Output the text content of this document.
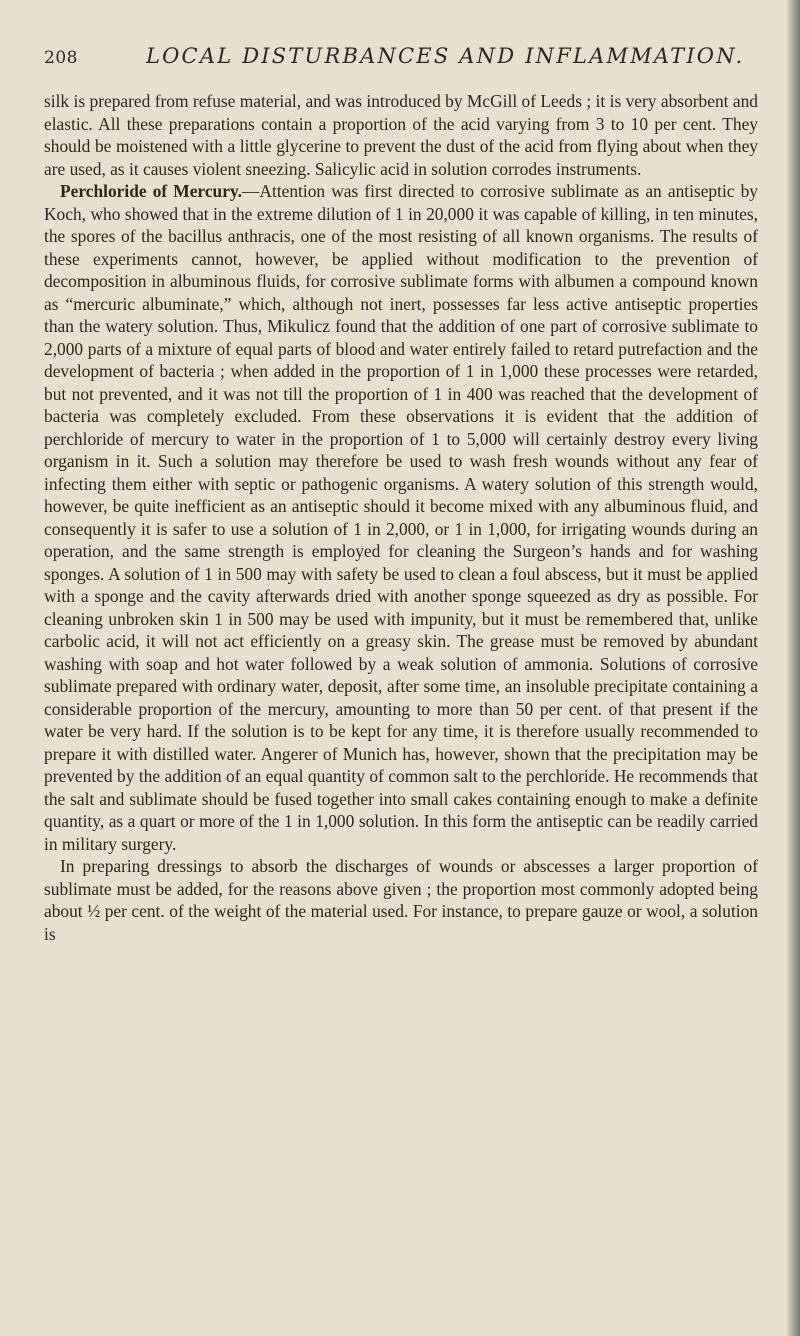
208	LOCAL DISTURBANCES AND INFLAMMATION.

silk is prepared from refuse material, and was introduced by McGill of Leeds ; it is very absorbent and elastic. All these preparations contain a proportion of the acid varying from 3 to 10 per cent. They should be moistened with a little glycerine to prevent the dust of the acid from flying about when they are used, as it causes violent sneezing. Salicylic acid in solution corrodes instruments.

Perchloride of Mercury.—Attention was first directed to corrosive sublimate as an antiseptic by Koch, who showed that in the extreme dilution of 1 in 20,000 it was capable of killing, in ten minutes, the spores of the bacillus anthracis, one of the most resisting of all known organisms. The results of these experiments cannot, however, be applied without modification to the prevention of decomposition in albuminous fluids, for corrosive sublimate forms with albumen a compound known as “mercuric albuminate,” which, although not inert, possesses far less active antiseptic properties than the watery solution. Thus, Mikulicz found that the addition of one part of corrosive sublimate to 2,000 parts of a mixture of equal parts of blood and water entirely failed to retard putrefaction and the development of bacteria ; when added in the proportion of 1 in 1,000 these processes were retarded, but not prevented, and it was not till the proportion of 1 in 400 was reached that the development of bacteria was completely excluded. From these observations it is evident that the addition of perchloride of mercury to water in the proportion of 1 to 5,000 will certainly destroy every living organism in it. Such a solution may therefore be used to wash fresh wounds without any fear of infecting them either with septic or pathogenic organisms. A watery solution of this strength would, however, be quite inefficient as an antiseptic should it become mixed with any albuminous fluid, and consequently it is safer to use a solution of 1 in 2,000, or 1 in 1,000, for irrigating wounds during an operation, and the same strength is employed for cleaning the Surgeon’s hands and for washing sponges. A solution of 1 in 500 may with safety be used to clean a foul abscess, but it must be applied with a sponge and the cavity afterwards dried with another sponge squeezed as dry as possible. For cleaning unbroken skin 1 in 500 may be used with impunity, but it must be remembered that, unlike carbolic acid, it will not act efficiently on a greasy skin. The grease must be removed by abundant washing with soap and hot water followed by a weak solution of ammonia. Solutions of corrosive sublimate prepared with ordinary water, deposit, after some time, an insoluble precipitate containing a considerable proportion of the mercury, amounting to more than 50 per cent. of that present if the water be very hard. If the solution is to be kept for any time, it is therefore usually recommended to prepare it with distilled water. Angerer of Munich has, however, shown that the precipitation may be prevented by the addition of an equal quantity of common salt to the perchloride. He recommends that the salt and sublimate should be fused together into small cakes containing enough to make a definite quantity, as a quart or more of the 1 in 1,000 solution. In this form the antiseptic can be readily carried in military surgery.

In preparing dressings to absorb the discharges of wounds or abscesses a larger proportion of sublimate must be added, for the reasons above given ; the proportion most commonly adopted being about ½ per cent. of the weight of the material used. For instance, to prepare gauze or wool, a solution is
